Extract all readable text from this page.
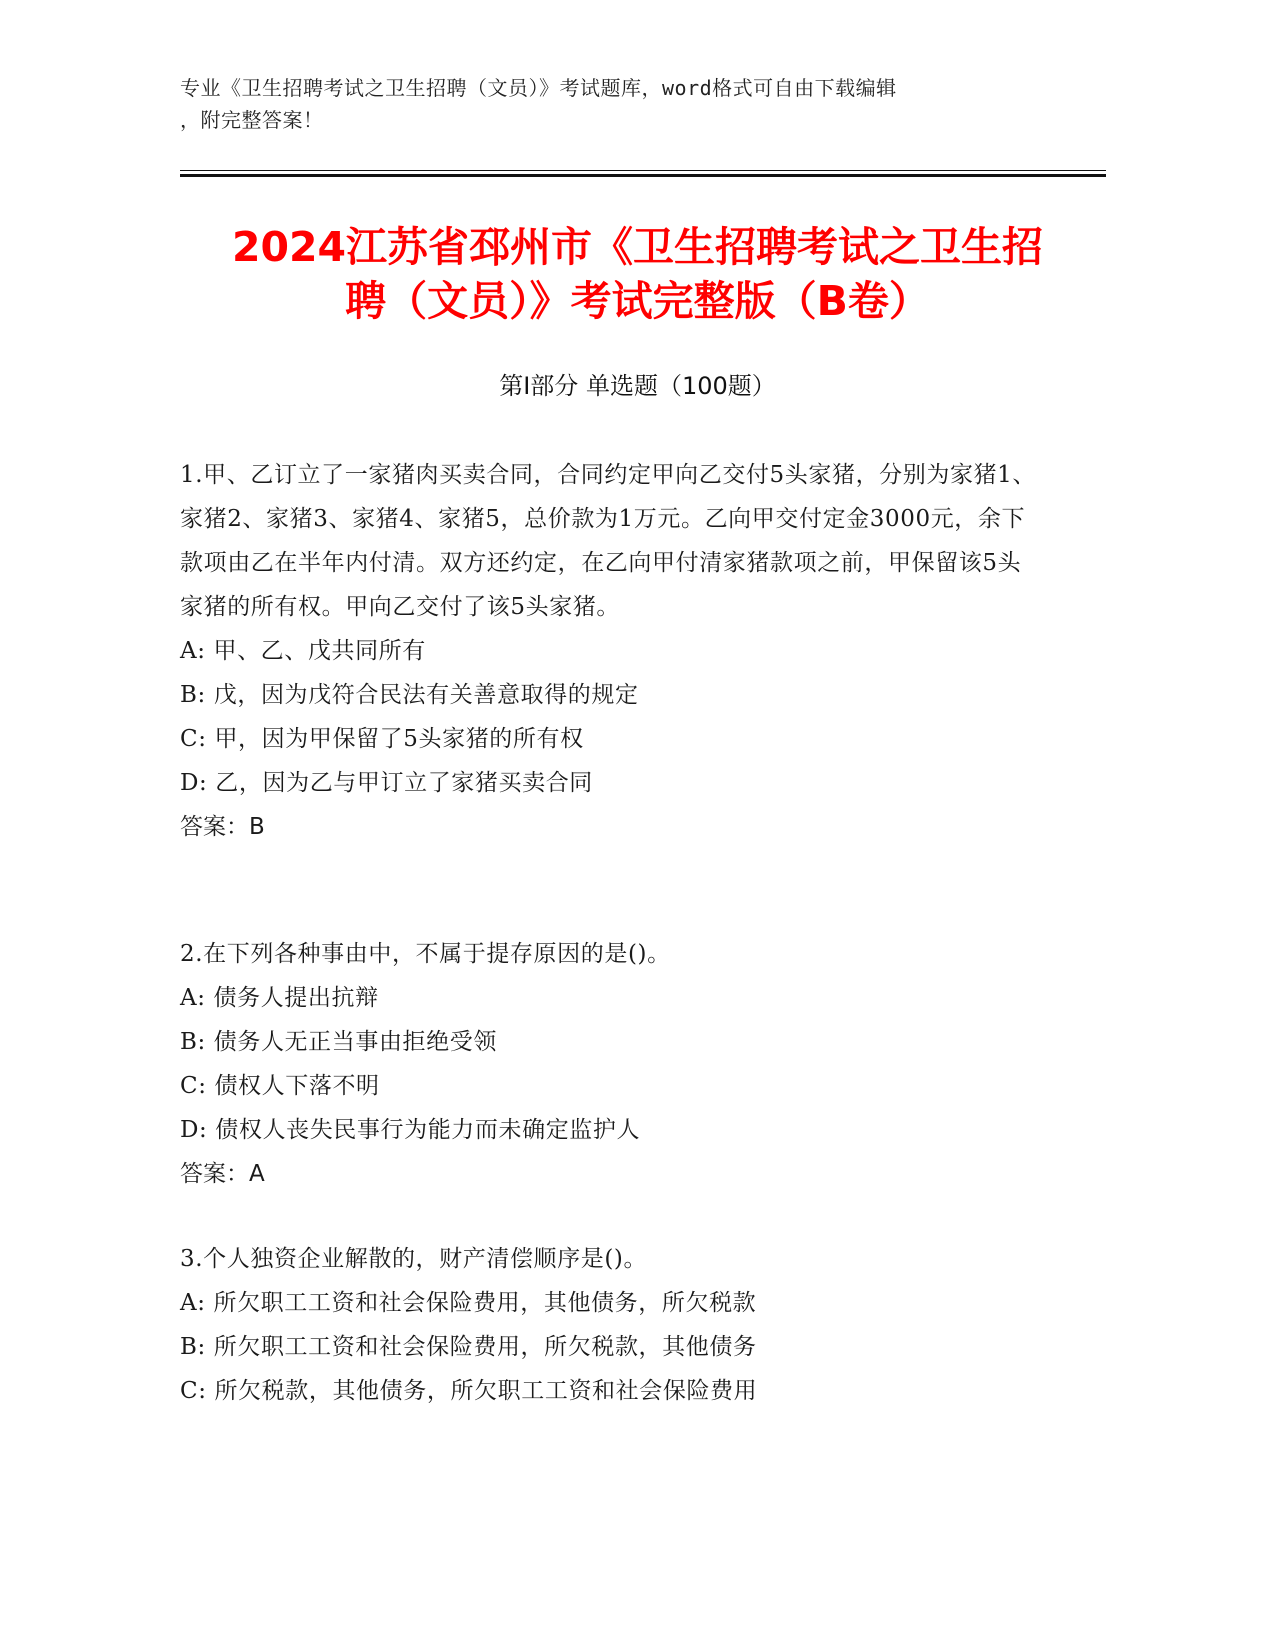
专业《卫生招聘考试之卫生招聘（文员）》考试题库，word格式可自由下载编辑
，附完整答案！
2024江苏省邳州市《卫生招聘考试之卫生招
聘（文员）》考试完整版（B卷）
第Ⅰ部分 单选题（100题）
1.甲、乙订立了一家猪肉买卖合同，合同约定甲向乙交付5头家猪，分别为家猪1、家猪2、家猪3、家猪4、家猪5，总价款为1万元。乙向甲交付定金3000元，余下款项由乙在半年内付清。双方还约定，在乙向甲付清家猪款项之前，甲保留该5头家猪的所有权。甲向乙交付了该5头家猪。
A: 甲、乙、戊共同所有
B: 戊，因为戊符合民法有关善意取得的规定
C: 甲，因为甲保留了5头家猪的所有权
D: 乙，因为乙与甲订立了家猪买卖合同
答案：B
2.在下列各种事由中，不属于提存原因的是()。
A: 债务人提出抗辩
B: 债务人无正当事由拒绝受领
C: 债权人下落不明
D: 债权人丧失民事行为能力而未确定监护人
答案：A
3.个人独资企业解散的，财产清偿顺序是()。
A: 所欠职工工资和社会保险费用，其他债务，所欠税款
B: 所欠职工工资和社会保险费用，所欠税款，其他债务
C: 所欠税款，其他债务，所欠职工工资和社会保险费用
